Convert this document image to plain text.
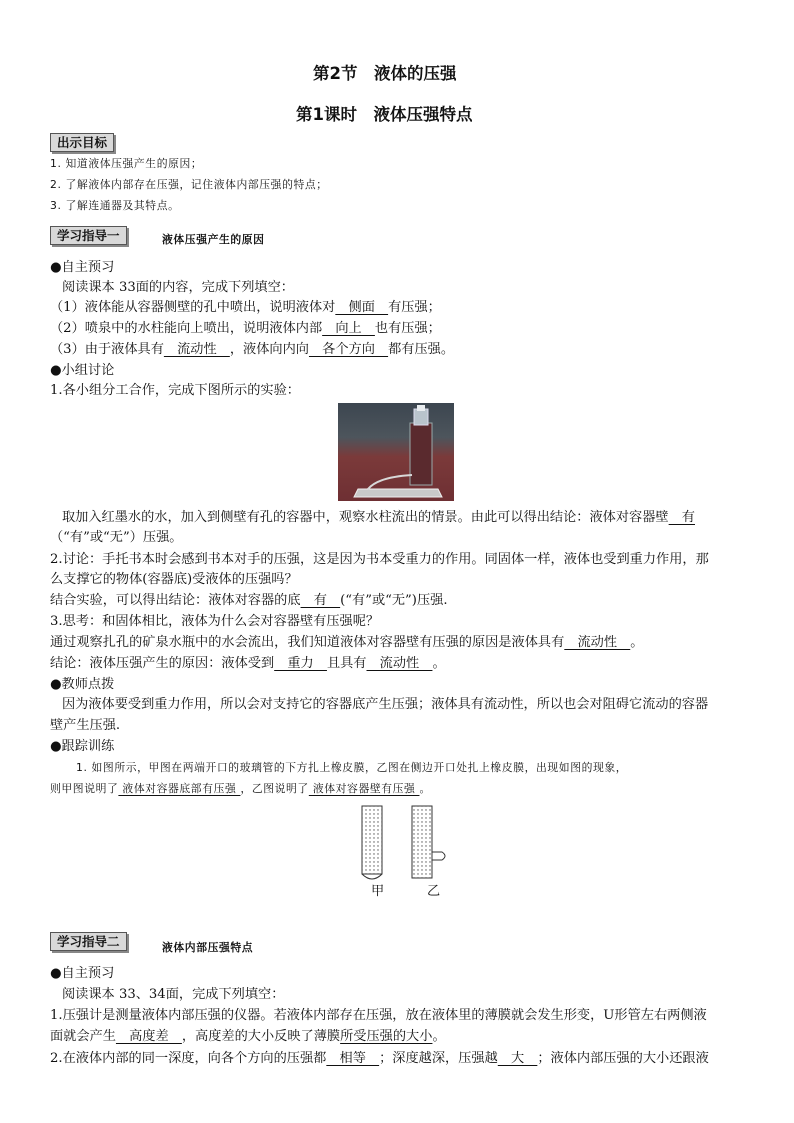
第2节　液体的压强
第1课时　液体压强特点
出示目标
1. 知道液体压强产生的原因；
2. 了解液体内部存在压强，记住液体内部压强的特点；
3. 了解连通器及其特点。
学习指导一	液体压强产生的原因
●自主预习
阅读课本 33面的内容，完成下列填空：
（1）液体能从容器侧壁的孔中喷出，说明液体对　侧面　有压强；
（2）喷泉中的水柱能向上喷出，说明液体内部　向上　也有压强；
（3）由于液体具有　流动性　，液体向内向　各个方向　都有压强。
●小组讨论
1.各小组分工合作，完成下图所示的实验：
取加入红墨水的水，加入到侧壁有孔的容器中，观察水柱流出的情景。由此可以得出结论：液体对容器壁　有
（“有”或“无”）压强。
2.讨论：手托书本时会感到书本对手的压强，这是因为书本受重力的作用。同固体一样，液体也受到重力作用，那
么支撑它的物体(容器底)受液体的压强吗？
结合实验，可以得出结论：液体对容器的底　有　(“有”或“无”)压强.
3.思考：和固体相比，液体为什么会对容器壁有压强呢？
通过观察扎孔的矿泉水瓶中的水会流出，我们知道液体对容器壁有压强的原因是液体具有　流动性　。
结论：液体压强产生的原因：液体受到　重力　且具有　流动性　。
●教师点拨
因为液体要受到重力作用，所以会对支持它的容器底产生压强；液体具有流动性，所以也会对阻碍它流动的容器
壁产生压强.
●跟踪训练
1. 如图所示，甲图在两端开口的玻璃管的下方扎上橡皮膜，乙图在侧边开口处扎上橡皮膜，出现如图的现象，
则甲图说明了 液体对容器底部有压强 ，乙图说明了 液体对容器壁有压强 。
甲	乙
学习指导二	液体内部压强特点
●自主预习
阅读课本 33、34面，完成下列填空：
1.压强计是测量液体内部压强的仪器。若液体内部存在压强，放在液体里的薄膜就会发生形变，U形管左右两侧液
面就会产生　高度差　，高度差的大小反映了薄膜所受压强的大小。
2.在液体内部的同一深度，向各个方向的压强都　相等　；深度越深，压强越　大　；液体内部压强的大小还跟液
